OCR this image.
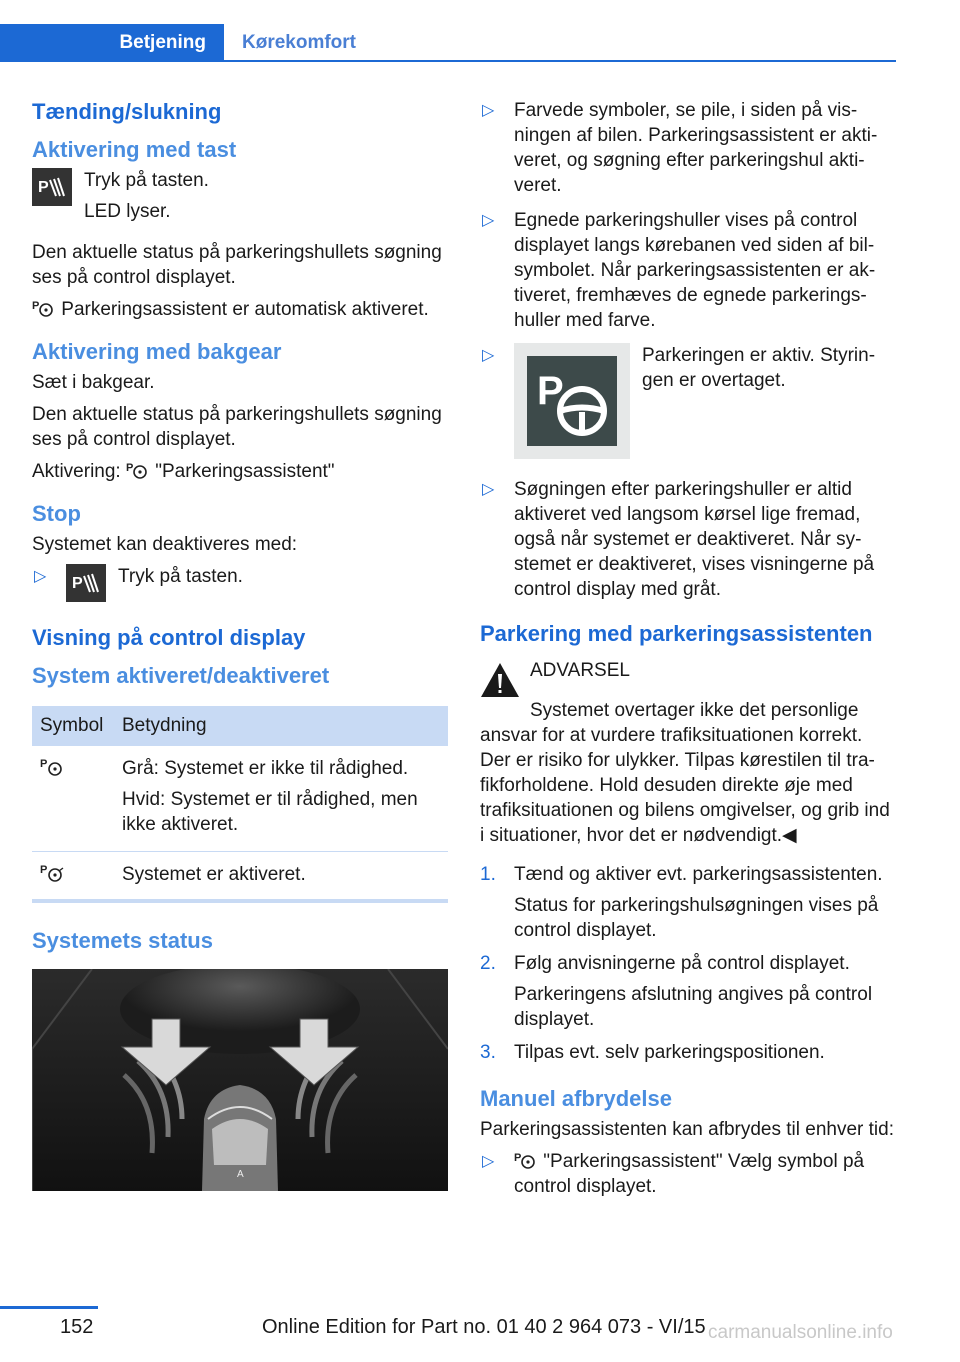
Betjening	Kørekomfort
Tænding/slukning
Aktivering med tast
P Tryk på tasten.

LED lyser.

Den aktuelle status på parkeringshullets søgning ses på control displayet.

P Parkeringsassistent er automatisk aktiveret.

Aktivering med bakgear

Sæt i bakgear.

Den aktuelle status på parkeringshullets søgning ses på control displayet.

Aktivering: P "Parkeringsassistent"

Stop

Systemet kan deaktiveres med:

▷ P Tryk på tasten.
Visning på control display
System aktiveret/deaktiveret
Symbol	Betydning

P	Grå: Systemet er ikke til rådighed.

Hvid: Systemet er til rådighed, men ikke aktiveret.

P	Systemet er aktiveret.
Systemets status
A
▷ Farvede symboler, se pile, i siden på visningen af bilen. Parkeringsassistent er aktiveret, og søgning efter parkeringshul aktiveret.
▷ Egnede parkeringshuller vises på control displayet langs kørebanen ved siden af bilsymbolet. Når parkeringsassistenten er aktiveret, fremhæves de egnede parkeringshuller med farve.
▷
P
Parkeringen er aktiv. Styringen er overtaget.
▷ Søgningen efter parkeringshuller er altid aktiveret ved langsom kørsel lige fremad, også når systemet er deaktiveret. Når systemet er deaktiveret, vises visningerne på control display med gråt.
Parkering med parkeringsassistenten

ADVARSEL

Systemet overtager ikke det personlige ansvar for at vurdere trafiksituationen korrekt. Der er risiko for ulykker. Tilpas kørestilen til trafikforholdene. Hold desuden direkte øje med trafiksituationen og bilens omgivelser, og grib ind i situationer, hvor det er nødvendigt.◀

1. Tænd og aktiver evt. parkeringsassistenten.

Status for parkeringshulsøgningen vises på control displayet.

2. Følg anvisningerne på control displayet.

Parkeringens afslutning angives på control displayet.

3. Tilpas evt. selv parkeringspositionen.

Manuel afbrydelse

Parkeringsassistenten kan afbrydes til enhver tid:

▷ P "Parkeringsassistent" Vælg symbol på control displayet.
152	Online Edition for Part no. 01 40 2 964 073 - VI/15 carmanualsonline.info
